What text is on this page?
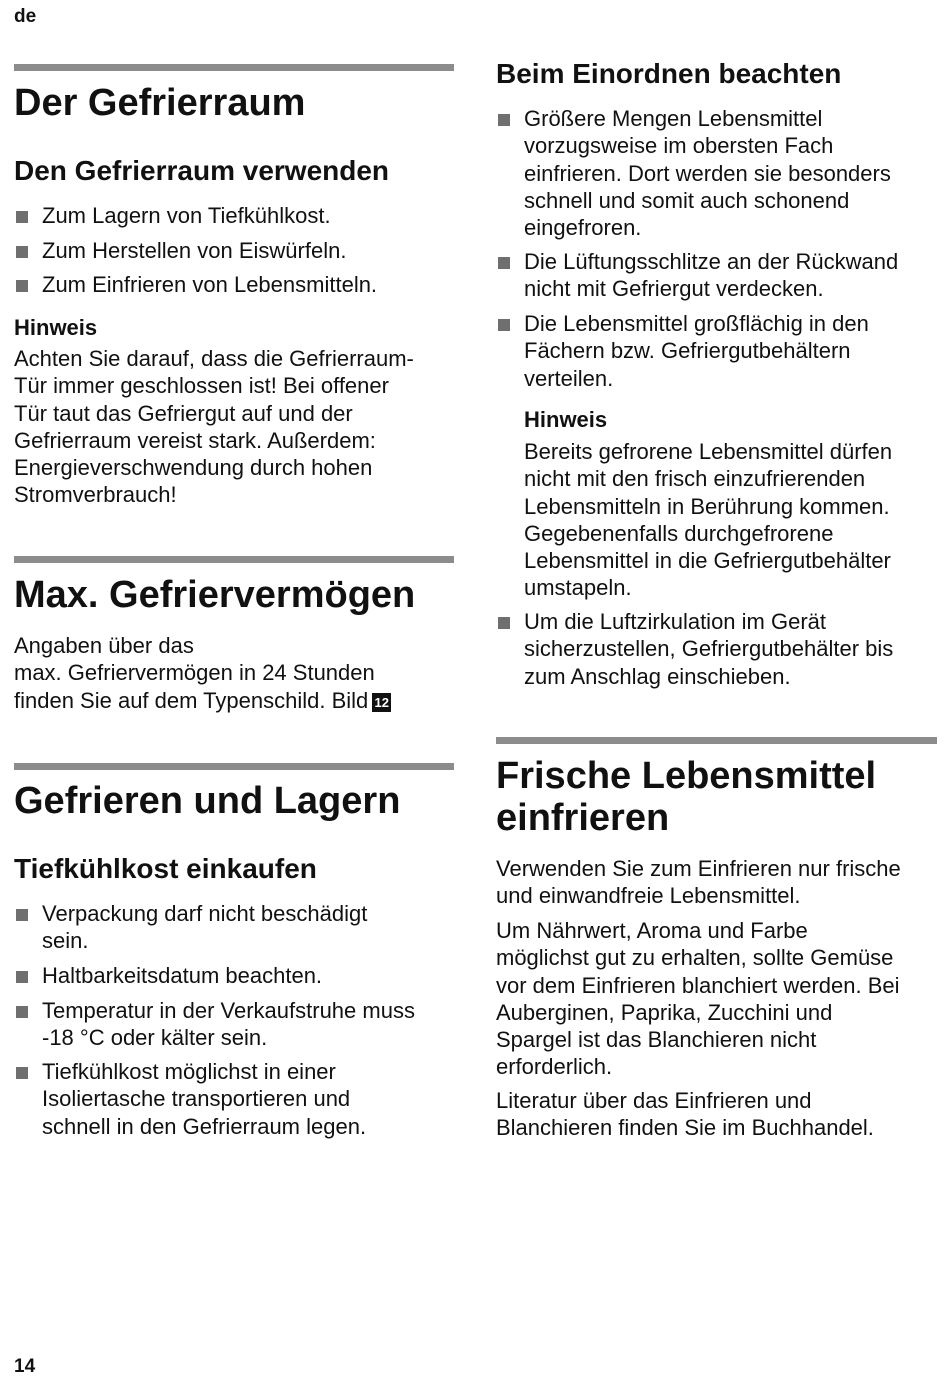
de
Der Gefrierraum
Den Gefrierraum verwenden
Zum Lagern von Tiefkühlkost.
Zum Herstellen von Eiswürfeln.
Zum Einfrieren von Lebensmitteln.
Hinweis
Achten Sie darauf, dass die Gefrierraum-
Tür immer geschlossen ist! Bei offener
Tür taut das Gefriergut auf und der
Gefrierraum vereist stark. Außerdem:
Energieverschwendung durch hohen
Stromverbrauch!
Max. Gefriervermögen
Angaben über das
max. Gefriervermögen in 24 Stunden
finden Sie auf dem Typenschild. Bild 12
Gefrieren und Lagern
Tiefkühlkost einkaufen
Verpackung darf nicht beschädigt
sein.
Haltbarkeitsdatum beachten.
Temperatur in der Verkaufstruhe muss
-18 °C oder kälter sein.
Tiefkühlkost möglichst in einer
Isoliertasche transportieren und
schnell in den Gefrierraum legen.
Beim Einordnen beachten
Größere Mengen Lebensmittel
vorzugsweise im obersten Fach
einfrieren. Dort werden sie besonders
schnell und somit auch schonend
eingefroren.
Die Lüftungsschlitze an der Rückwand
nicht mit Gefriergut verdecken.
Die Lebensmittel großflächig in den
Fächern bzw. Gefriergutbehältern
verteilen.
Hinweis
Bereits gefrorene Lebensmittel dürfen
nicht mit den frisch einzufrierenden
Lebensmitteln in Berührung kommen.
Gegebenenfalls durchgefrorene
Lebensmittel in die Gefriergutbehälter
umstapeln.
Um die Luftzirkulation im Gerät
sicherzustellen, Gefriergutbehälter bis
zum Anschlag einschieben.
Frische Lebensmittel
einfrieren
Verwenden Sie zum Einfrieren nur frische
und einwandfreie Lebensmittel.
Um Nährwert, Aroma und Farbe
möglichst gut zu erhalten, sollte Gemüse
vor dem Einfrieren blanchiert werden. Bei
Auberginen, Paprika, Zucchini und
Spargel ist das Blanchieren nicht
erforderlich.
Literatur über das Einfrieren und
Blanchieren finden Sie im Buchhandel.
14
